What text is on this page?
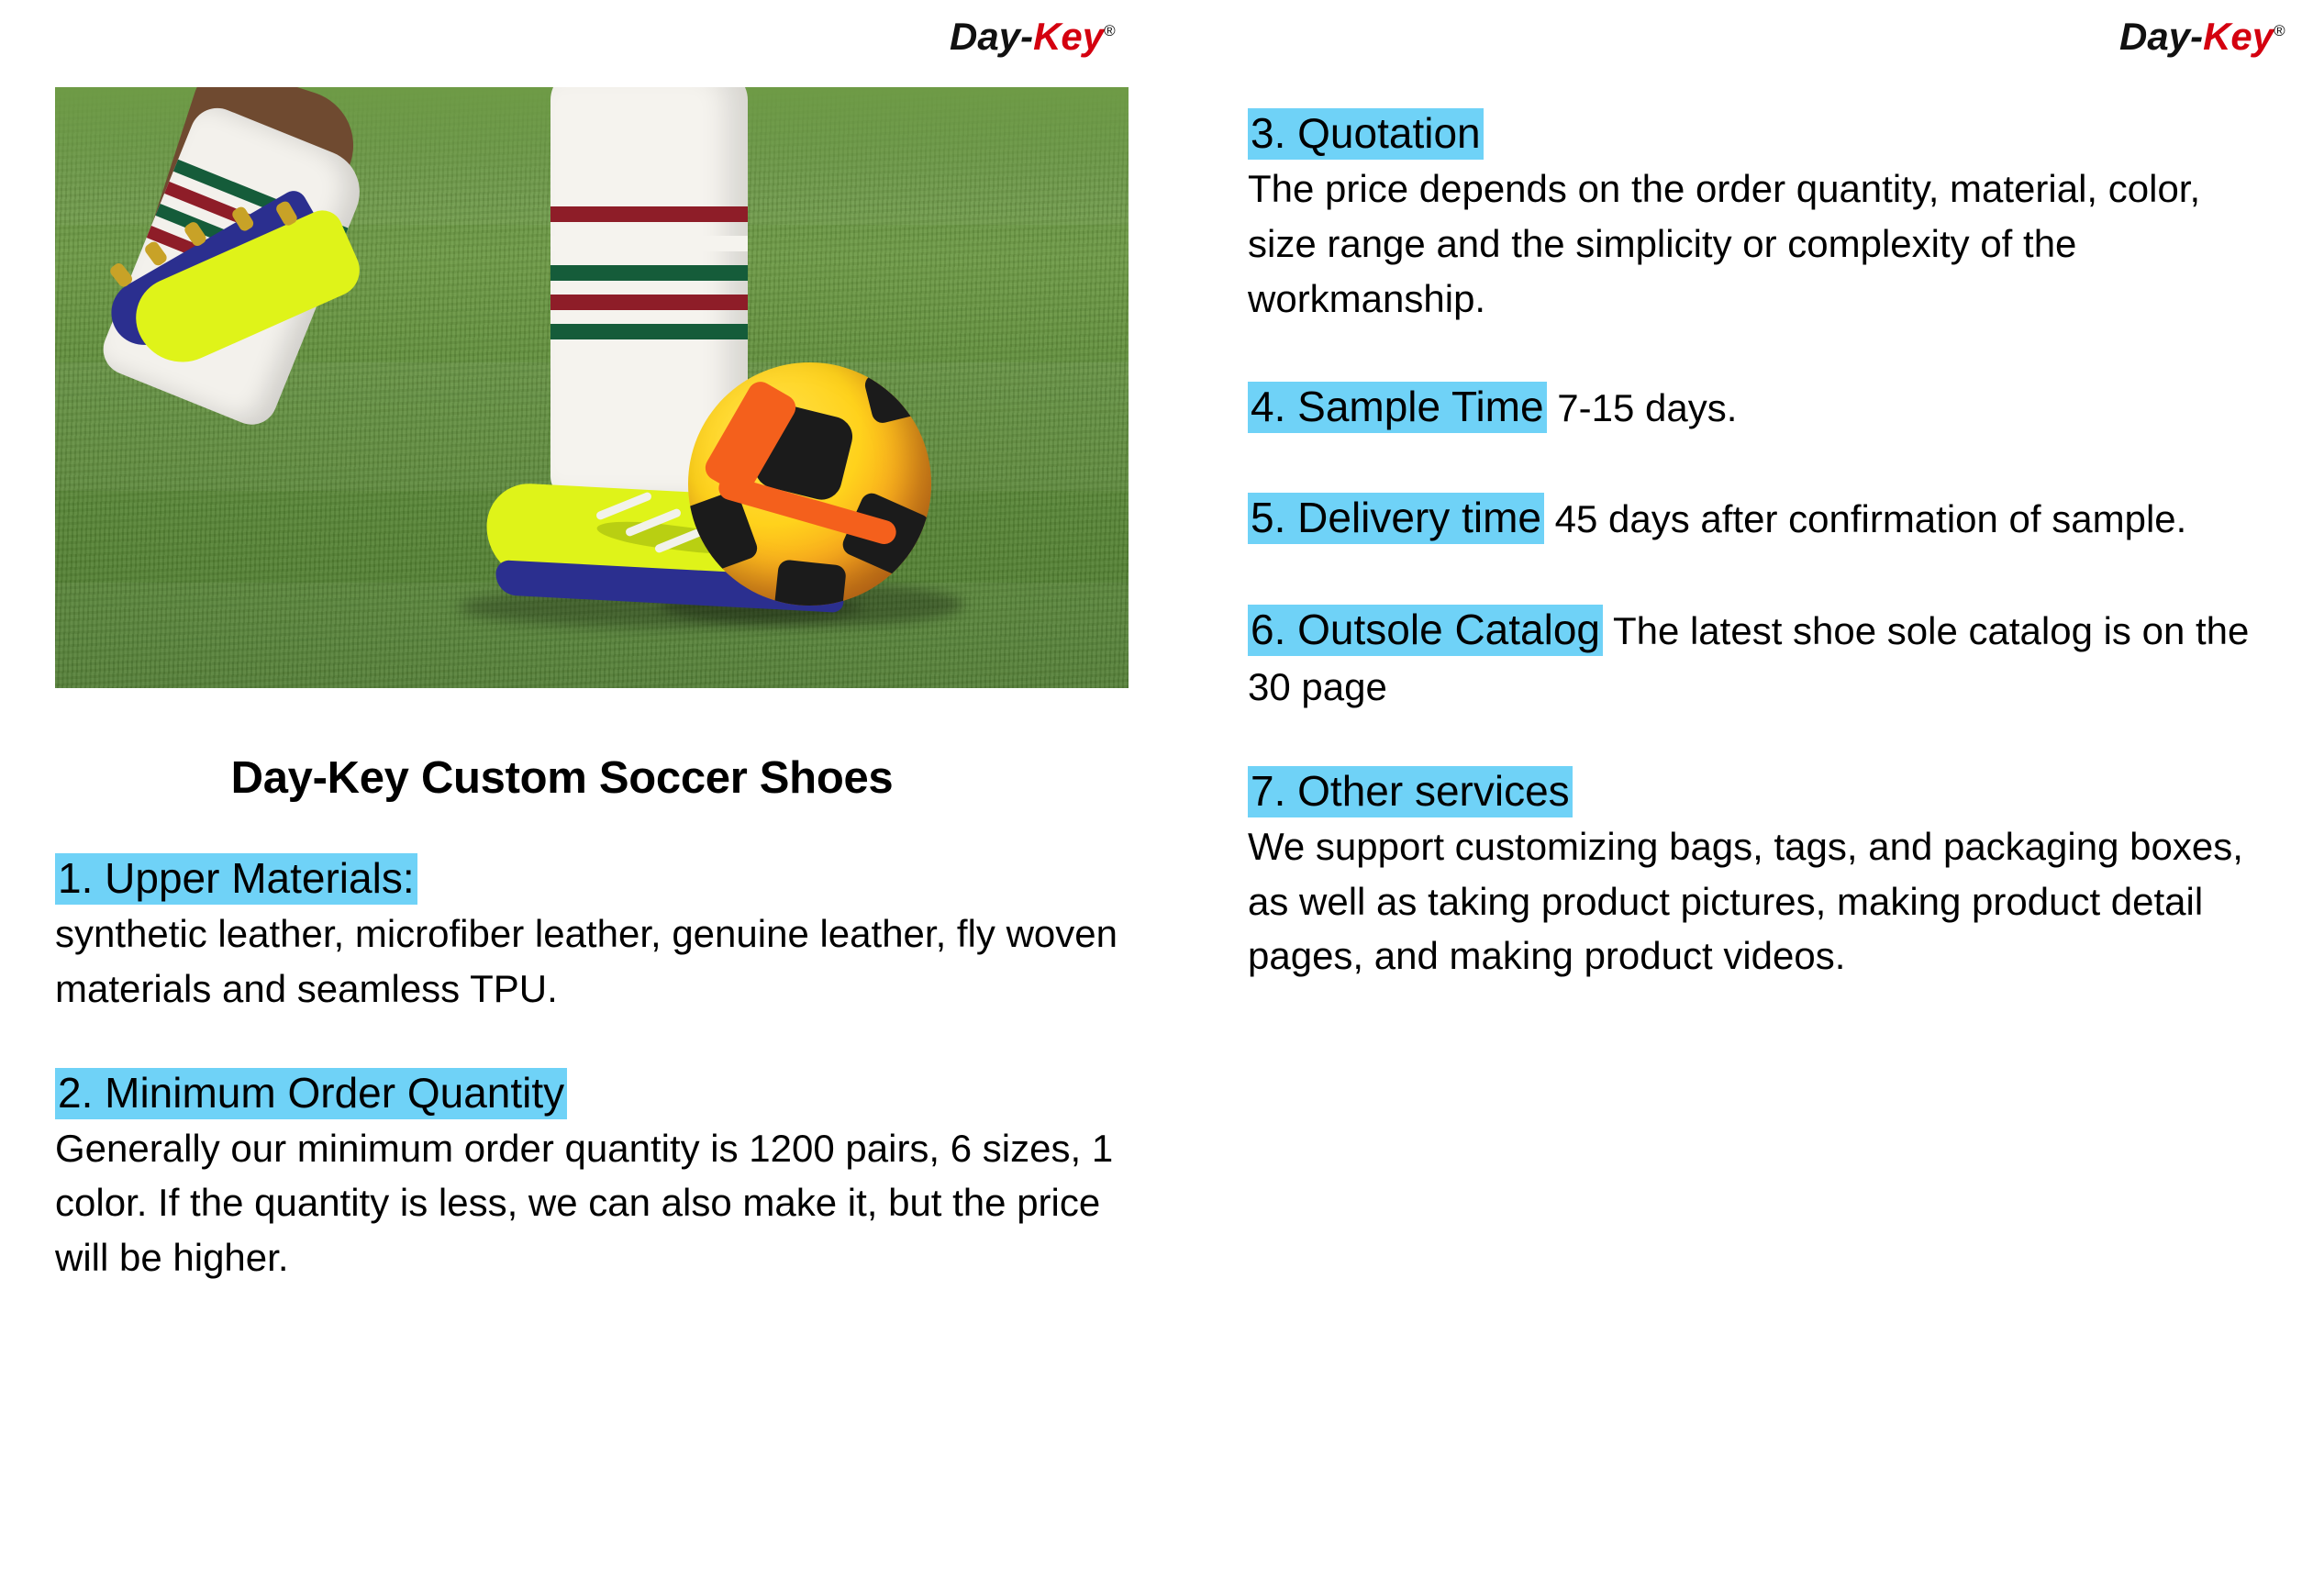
Day-Key®	Day-Key®
Day-Key Custom Soccer Shoes

1. Upper Materials:

synthetic leather, microfiber leather, genuine leather, fly woven materials and seamless TPU.

2. Minimum Order Quantity

Generally our minimum order quantity is 1200 pairs, 6 sizes, 1 color. If the quantity is less, we can also make it, but the price will be higher.

3. Quotation

The price depends on the order quantity, material, color, size range and the simplicity or complexity of the workmanship.

4. Sample Time 7-15 days.

5. Delivery time 45 days after confirmation of sample.

6. Outsole Catalog The latest shoe sole catalog is on the 30 page

7. Other services

We support customizing bags, tags, and packaging boxes, as well as taking product pictures, making product detail pages, and making product videos.
